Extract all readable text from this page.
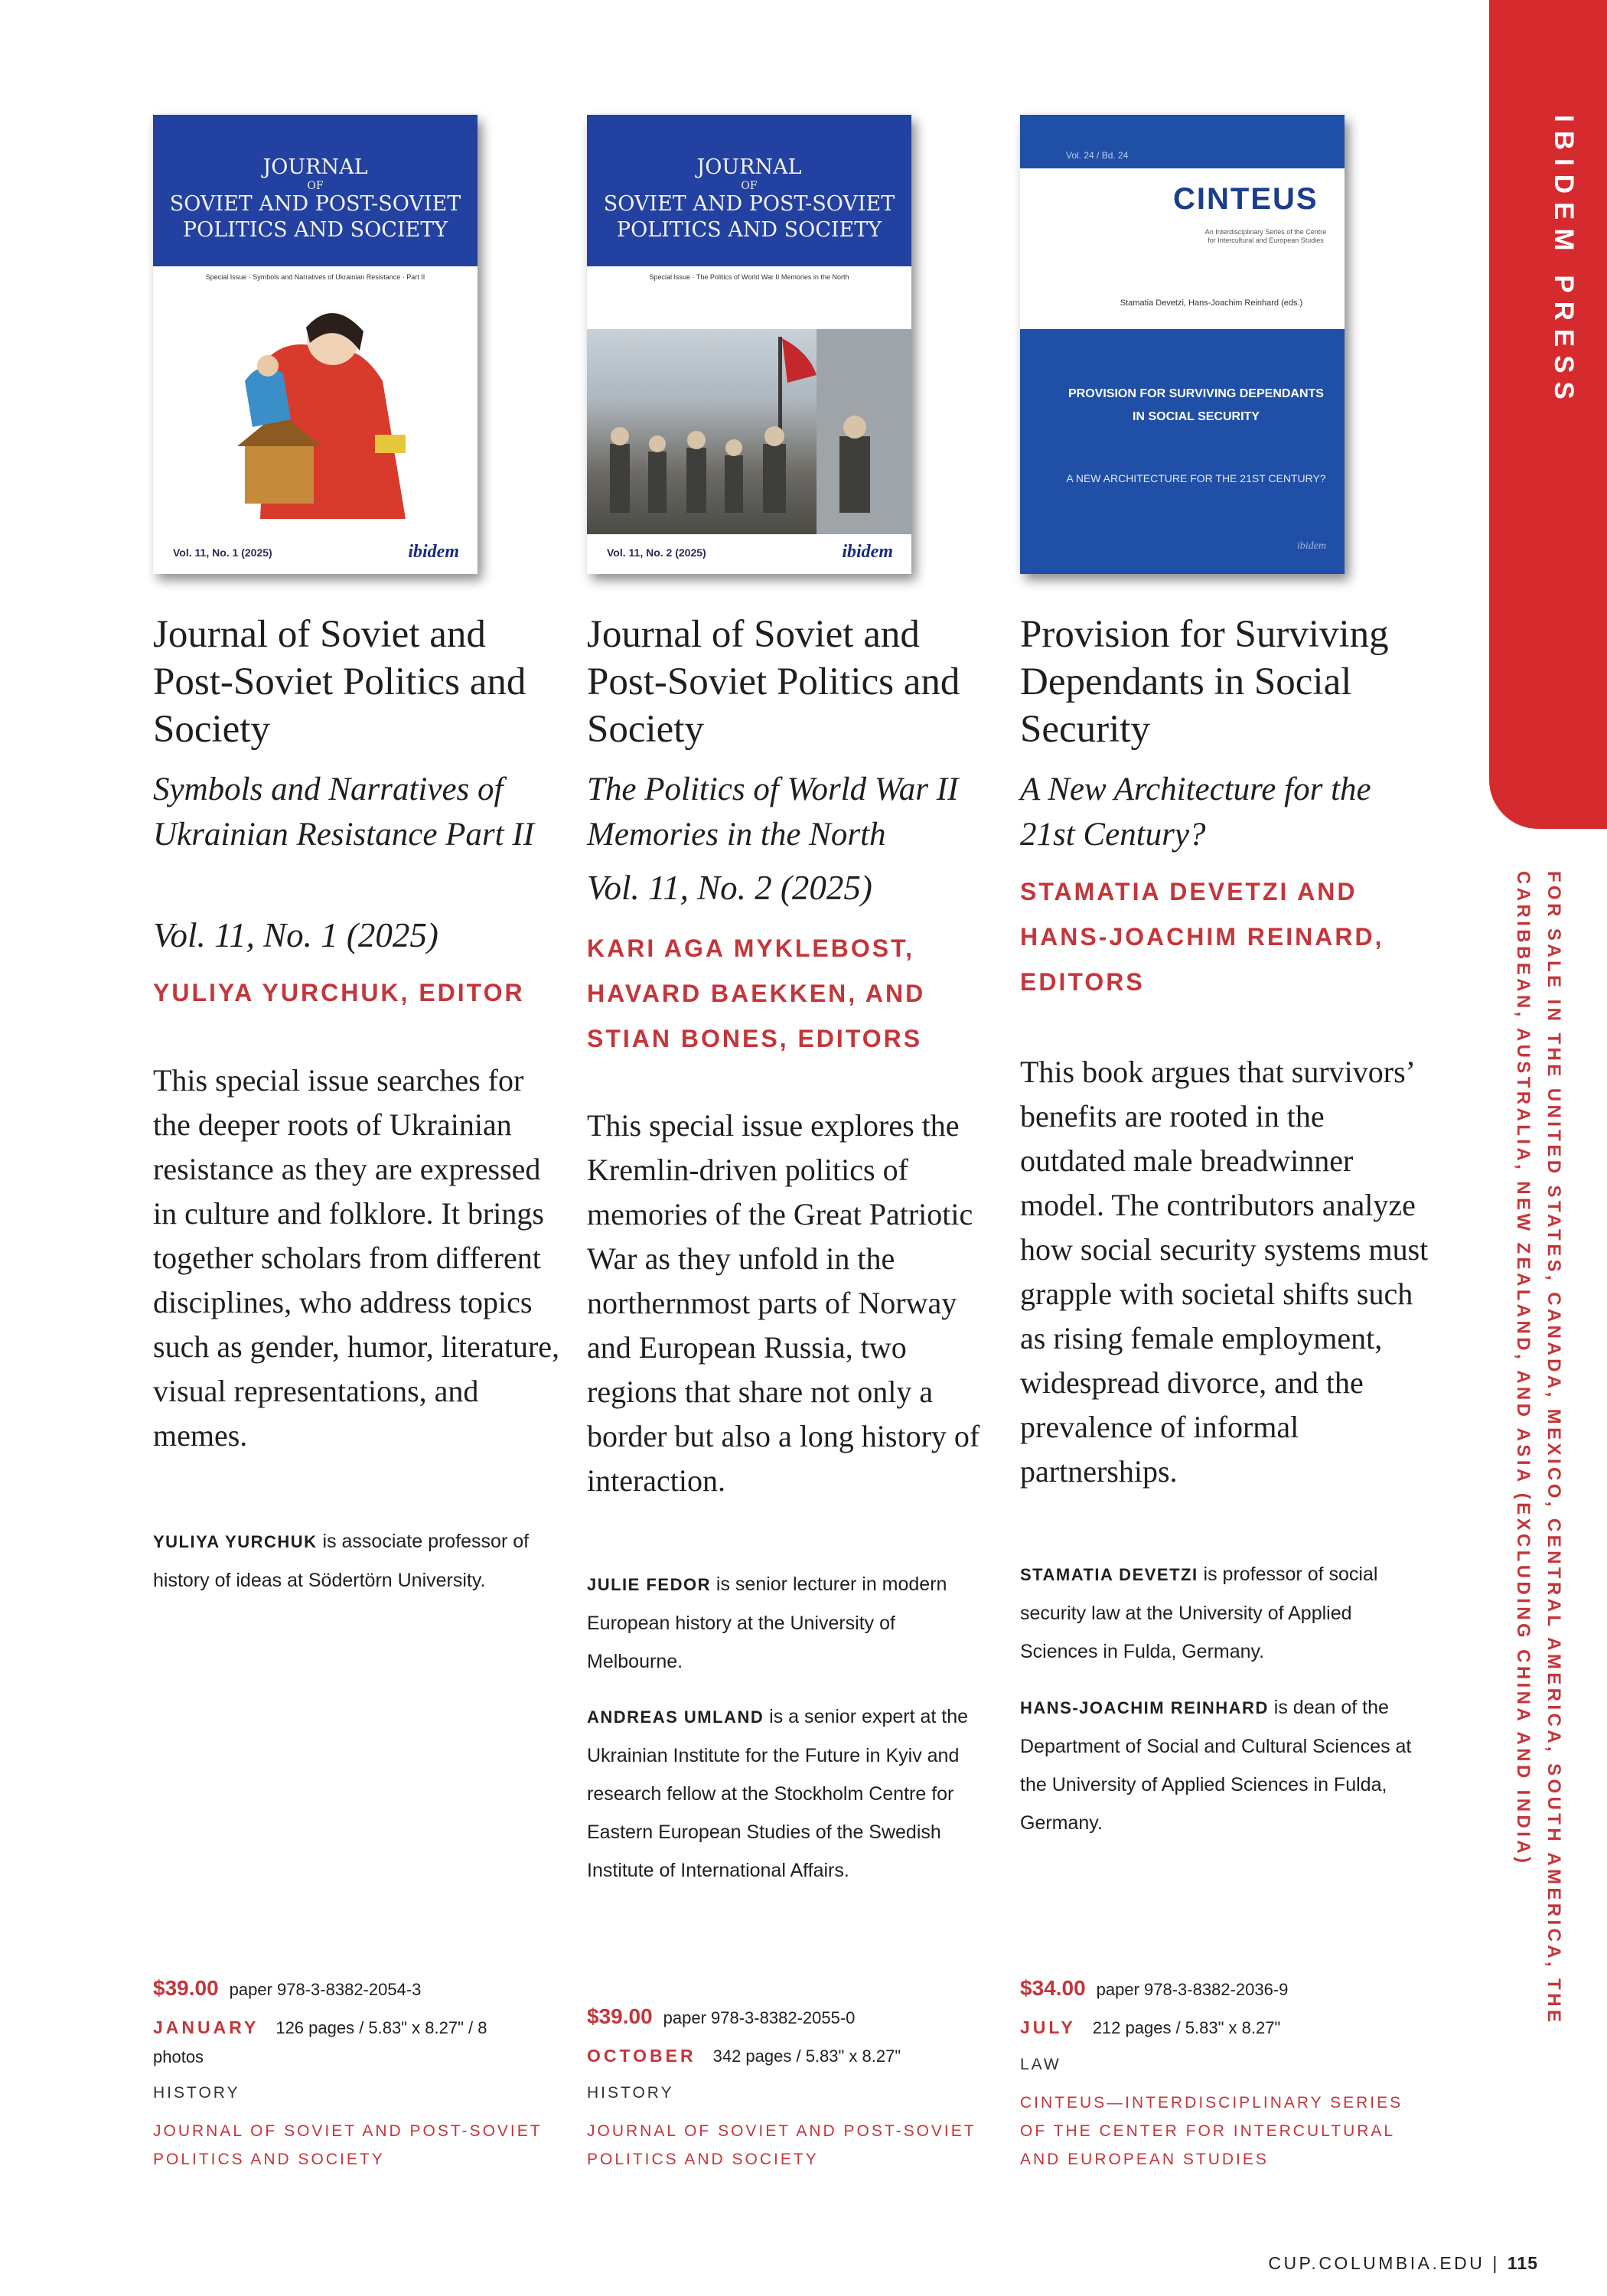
IBIDEM PRESS
FOR SALE IN THE UNITED STATES, CANADA, MEXICO, CENTRAL AMERICA, SOUTH AMERICA, THE CARIBBEAN, AUSTRALIA, NEW ZEALAND, AND ASIA (EXCLUDING CHINA AND INDIA)
JOURNAL
OF
SOVIET AND POST-SOVIET POLITICS AND SOCIETY
Special Issue · Symbols and Narratives of Ukrainian Resistance · Part II
Vol. 11, No. 1 (2025)	ibidem
Journal of Soviet and Post-Soviet Politics and Society
Symbols and Narratives of Ukrainian Resistance Part II
Vol. 11, No. 1 (2025)
YULIYA YURCHUK, EDITOR
This special issue searches for the deeper roots of Ukrainian resistance as they are expressed in culture and folklore. It brings together scholars from different disciplines, who address topics such as gender, humor, literature, visual representations, and memes.
YULIYA YURCHUK is associate professor of history of ideas at Södertörn University.
$39.00 paper 978-3-8382-2054-3
JANUARY 126 pages / 5.83" x 8.27" / 8 photos
HISTORY
JOURNAL OF SOVIET AND POST-SOVIET POLITICS AND SOCIETY
JOURNAL
OF
SOVIET AND POST-SOVIET POLITICS AND SOCIETY
Special Issue · The Politics of World War II Memories in the North
Vol. 11, No. 2 (2025)	ibidem
Journal of Soviet and Post-Soviet Politics and Society
The Politics of World War II Memories in the North
Vol. 11, No. 2 (2025)
KARI AGA MYKLEBOST, HAVARD BAEKKEN, AND STIAN BONES, EDITORS
This special issue explores the Kremlin-driven politics of memories of the Great Patriotic War as they unfold in the northernmost parts of Norway and European Russia, two regions that share not only a border but also a long history of interaction.
JULIE FEDOR is senior lecturer in modern European history at the University of Melbourne.
ANDREAS UMLAND is a senior expert at the Ukrainian Institute for the Future in Kyiv and research fellow at the Stockholm Centre for Eastern European Studies of the Swedish Institute of International Affairs.
$39.00 paper 978-3-8382-2055-0
OCTOBER 342 pages / 5.83" x 8.27"
HISTORY
JOURNAL OF SOVIET AND POST-SOVIET POLITICS AND SOCIETY
Vol. 24 / Bd. 24
CINTEUS
An Interdisciplinary Series of the Centre for Intercultural and European Studies
Stamatia Devetzi, Hans-Joachim Reinhard (eds.)
PROVISION FOR SURVIVING DEPENDANTS IN SOCIAL SECURITY
A NEW ARCHITECTURE FOR THE 21ST CENTURY?
ibidem
Provision for Surviving Dependants in Social Security
A New Architecture for the 21st Century?
STAMATIA DEVETZI AND HANS-JOACHIM REINARD, EDITORS
This book argues that survivors’ benefits are rooted in the outdated male breadwinner model. The contributors analyze how social security systems must grapple with societal shifts such as rising female employment, widespread divorce, and the prevalence of informal partnerships.
STAMATIA DEVETZI is professor of social security law at the University of Applied Sciences in Fulda, Germany.
HANS-JOACHIM REINHARD is dean of the Department of Social and Cultural Sciences at the University of Applied Sciences in Fulda, Germany.
$34.00 paper 978-3-8382-2036-9
JULY 212 pages / 5.83" x 8.27"
LAW
CINTEUS—INTERDISCIPLINARY SERIES OF THE CENTER FOR INTERCULTURAL AND EUROPEAN STUDIES
CUP.COLUMBIA.EDU | 115
